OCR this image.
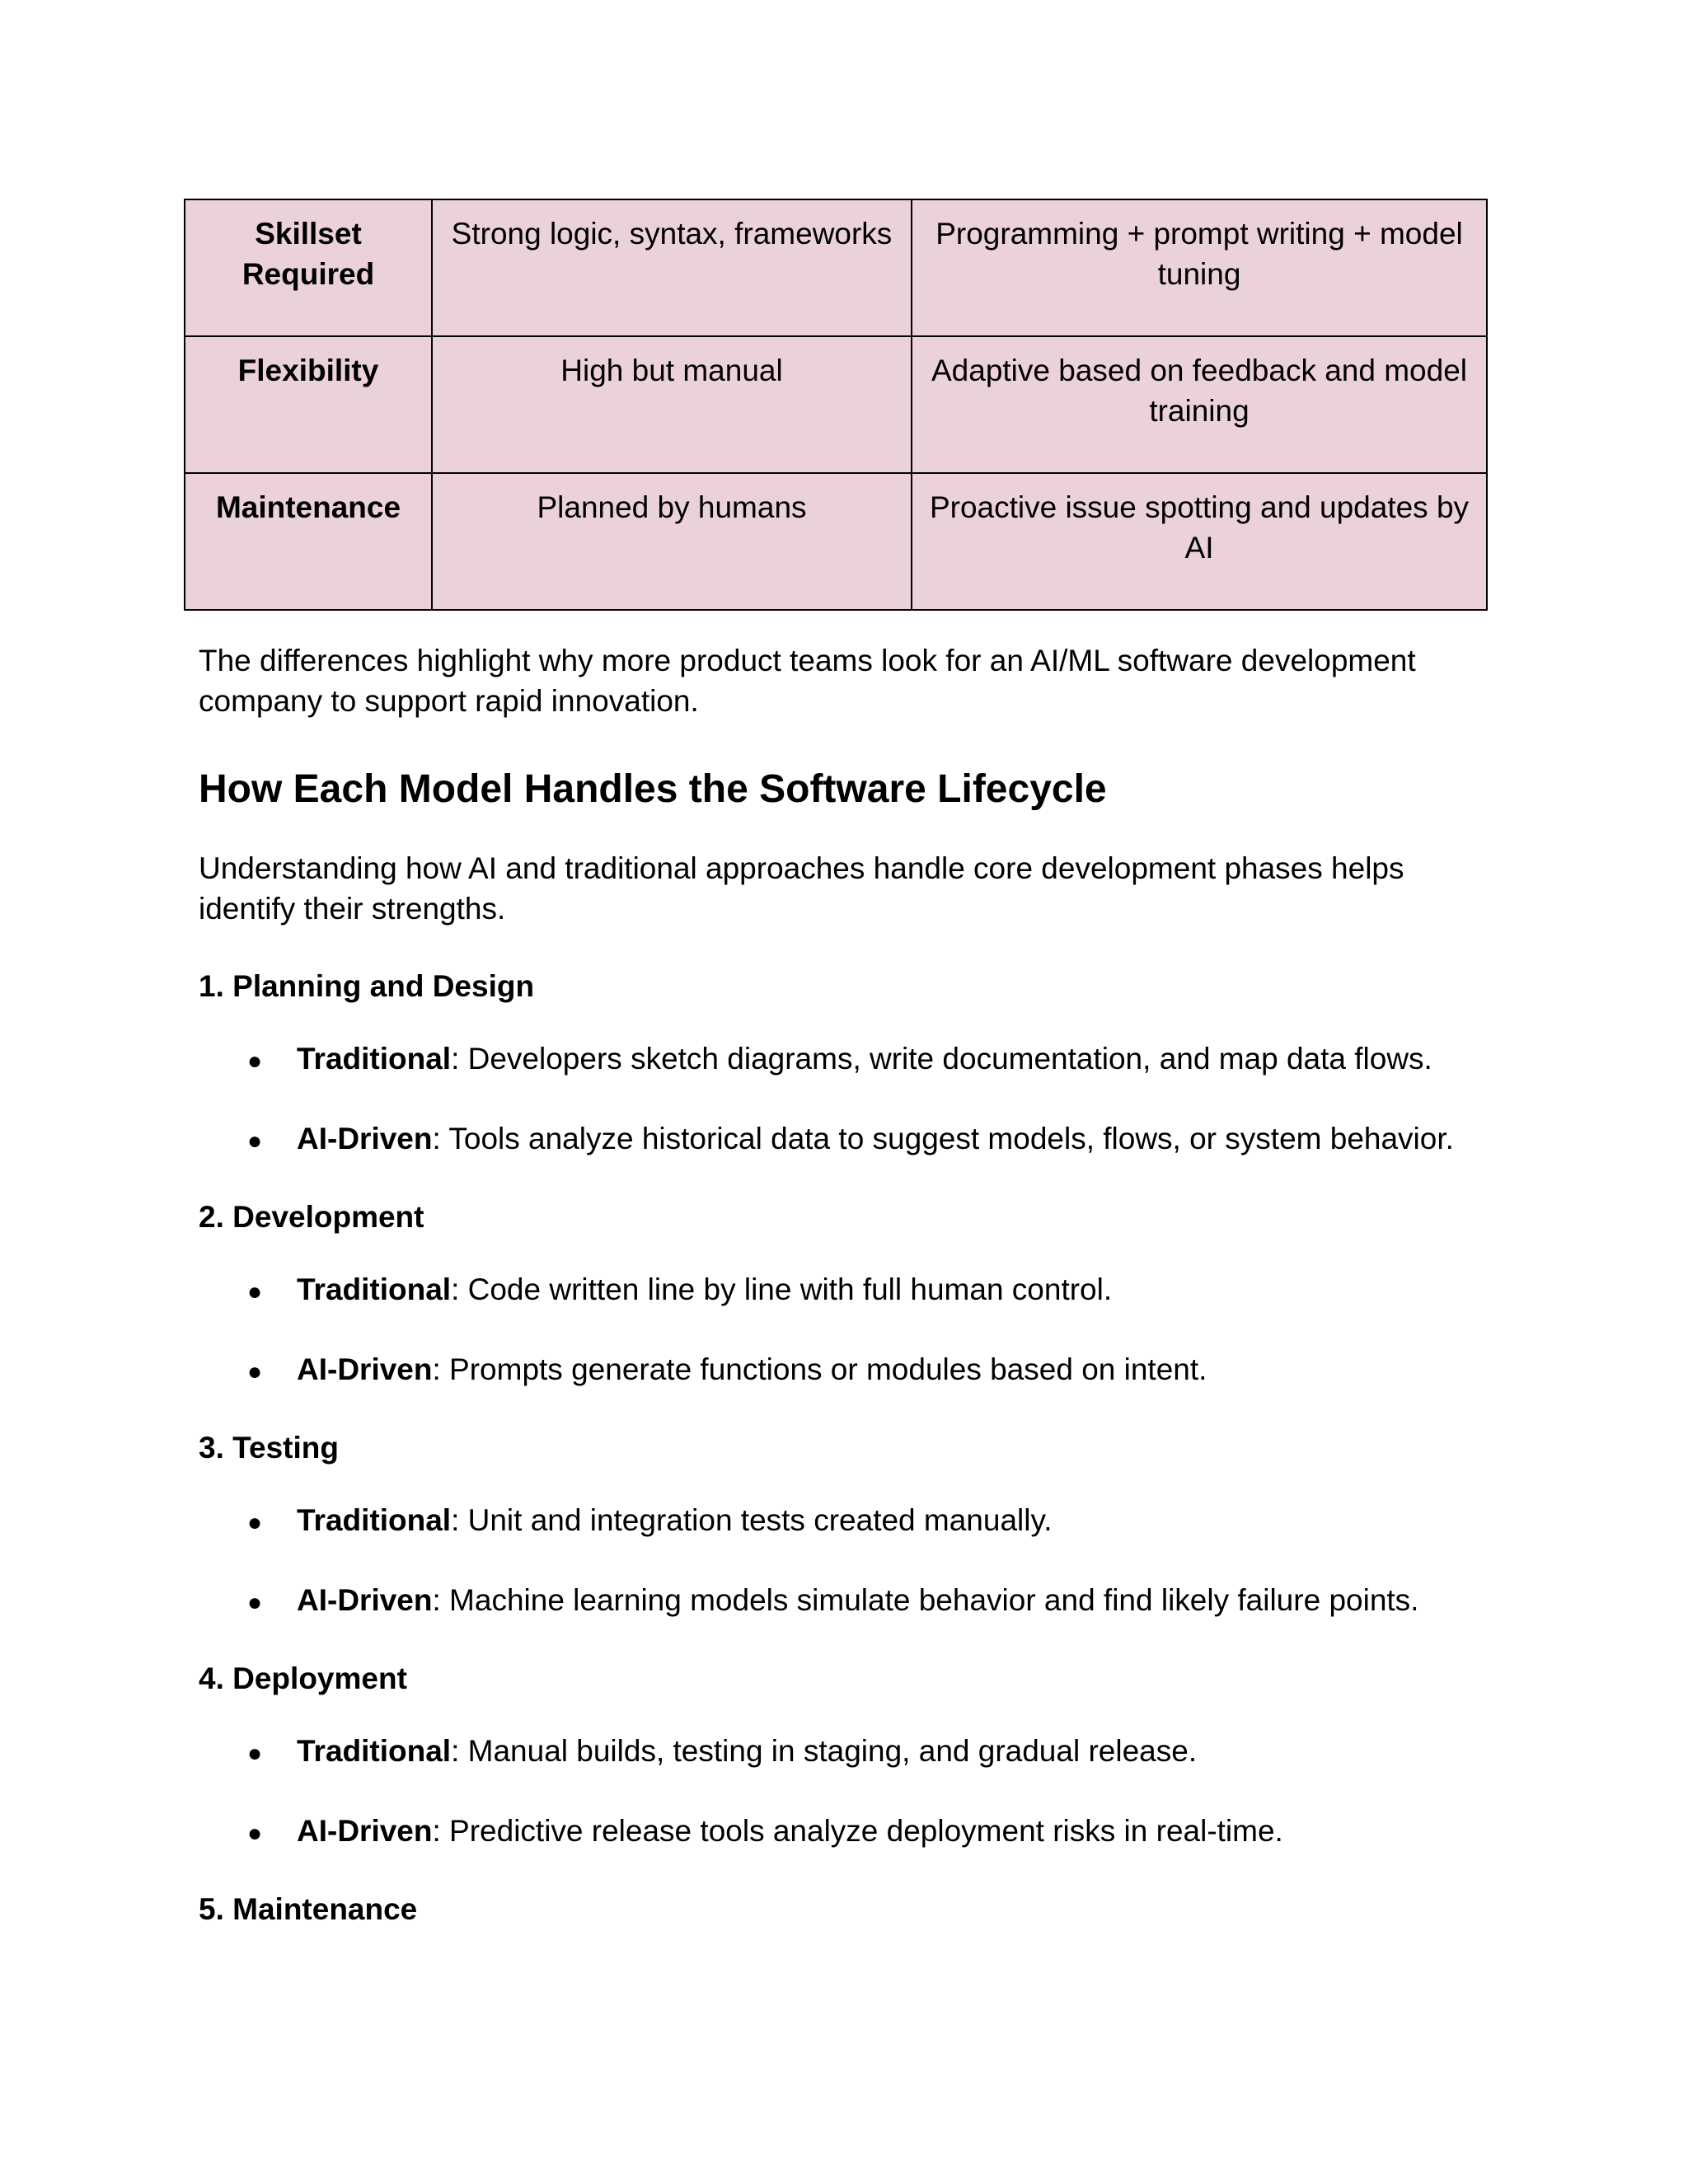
Skillset Required	Strong logic, syntax, frameworks	Programming + prompt writing + model tuning
Flexibility	High but manual	Adaptive based on feedback and model training
Maintenance	Planned by humans	Proactive issue spotting and updates by AI

The differences highlight why more product teams look for an AI/ML software development company to support rapid innovation.

How Each Model Handles the Software Lifecycle

Understanding how AI and traditional approaches handle core development phases helps identify their strengths.

1. Planning and Design

● Traditional: Developers sketch diagrams, write documentation, and map data flows.

● AI-Driven: Tools analyze historical data to suggest models, flows, or system behavior.

2. Development

● Traditional: Code written line by line with full human control.

● AI-Driven: Prompts generate functions or modules based on intent.

3. Testing

● Traditional: Unit and integration tests created manually.

● AI-Driven: Machine learning models simulate behavior and find likely failure points.

4. Deployment

● Traditional: Manual builds, testing in staging, and gradual release.

● AI-Driven: Predictive release tools analyze deployment risks in real-time.

5. Maintenance
